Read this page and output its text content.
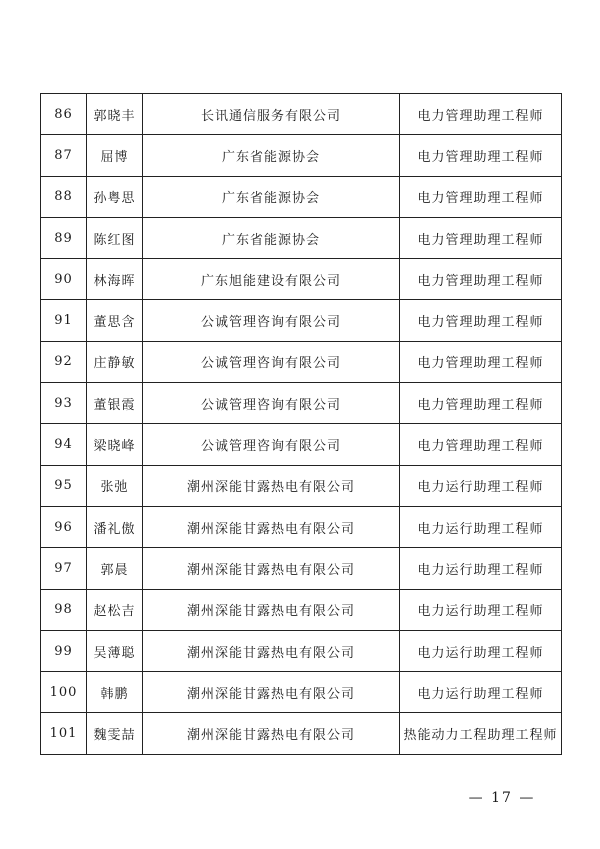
86	郭晓丰	长讯通信服务有限公司	电力管理助理工程师
87	屈博	广东省能源协会	电力管理助理工程师
88	孙粤思	广东省能源协会	电力管理助理工程师
89	陈红图	广东省能源协会	电力管理助理工程师
90	林海晖	广东旭能建设有限公司	电力管理助理工程师
91	董思含	公诚管理咨询有限公司	电力管理助理工程师
92	庄静敏	公诚管理咨询有限公司	电力管理助理工程师
93	董银霞	公诚管理咨询有限公司	电力管理助理工程师
94	梁晓峰	公诚管理咨询有限公司	电力管理助理工程师
95	张弛	潮州深能甘露热电有限公司	电力运行助理工程师
96	潘礼傲	潮州深能甘露热电有限公司	电力运行助理工程师
97	郭晨	潮州深能甘露热电有限公司	电力运行助理工程师
98	赵松吉	潮州深能甘露热电有限公司	电力运行助理工程师
99	吴薄聪	潮州深能甘露热电有限公司	电力运行助理工程师
100	韩鹏	潮州深能甘露热电有限公司	电力运行助理工程师
101	魏雯喆	潮州深能甘露热电有限公司	热能动力工程助理工程师
— 17 —
